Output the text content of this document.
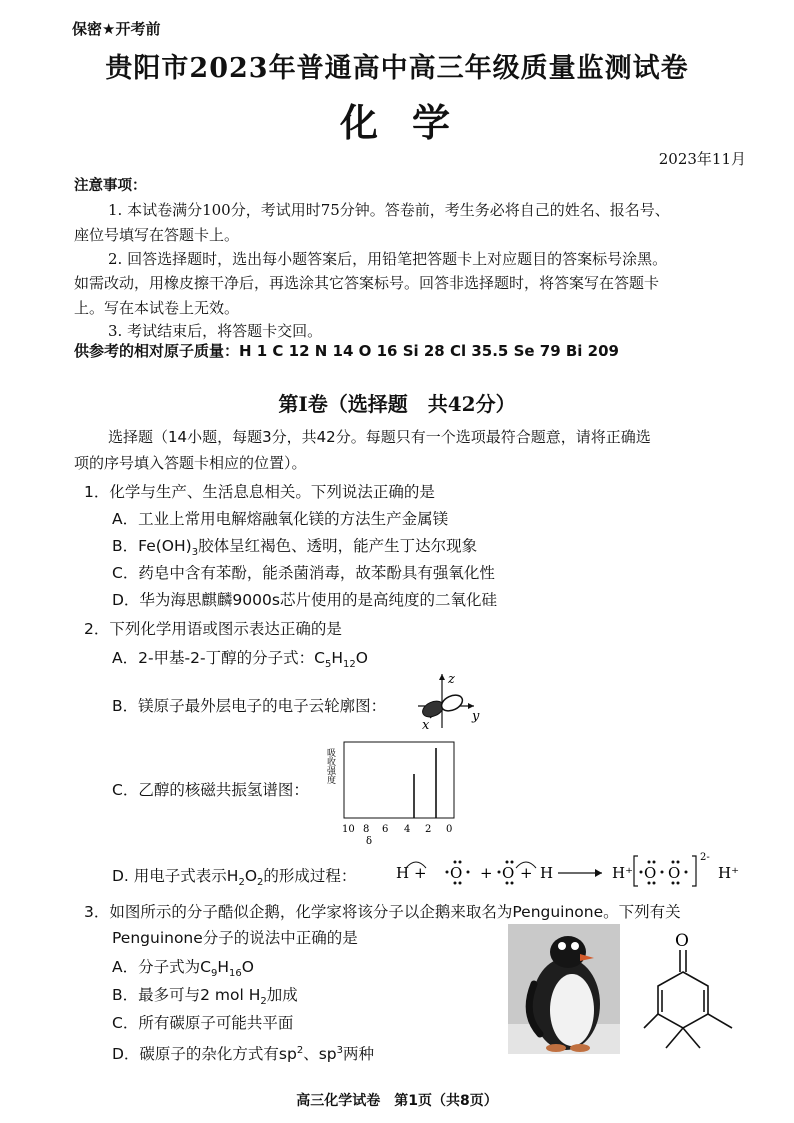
保密★开考前
贵阳市2023年普通高中高三年级质量监测试卷
化学
2023年11月
注意事项：
1. 本试卷满分100分，考试用时75分钟。答卷前，考生务必将自己的姓名、报名号、
座位号填写在答题卡上。
2. 回答选择题时，选出每小题答案后，用铅笔把答题卡上对应题目的答案标号涂黑。
如需改动，用橡皮擦干净后，再选涂其它答案标号。回答非选择题时，将答案写在答题卡
上。写在本试卷上无效。
3. 考试结束后，将答题卡交回。
供参考的相对原子质量：H 1 C 12 N 14 O 16 Si 28 Cl 35.5 Se 79 Bi 209
第Ⅰ卷（选择题　共42分）
选择题（14小题，每题3分，共42分。每题只有一个选项最符合题意，请将正确选
项的序号填入答题卡相应的位置）。
1．化学与生产、生活息息相关。下列说法正确的是
A．工业上常用电解熔融氧化镁的方法生产金属镁
B．$Fe(OH)_3$胶体呈红褐色、透明，能产生丁达尔现象
C．药皂中含有苯酚，能杀菌消毒，故苯酚具有强氧化性
D．华为海思麒麟9000s芯片使用的是高纯度的二氧化硅
2．下列化学用语或图示表达正确的是
A．2-甲基-2-丁醇的分子式：$C_5H_{12}O$
B．镁原子最外层电子的电子云轮廓图：
z
y
x
C．乙醇的核磁共振氢谱图：
吸收强度
10 8 6 4 2 0
δ
D. 用电子式表示$H_2O_2$的形成过程：	H + O + O + H	H⁺ O O
2-
H⁺
3．如图所示的分子酷似企鹅，化学家将该分子以企鹅来取名为Penguinone。下列有关
Penguinone分子的说法中正确的是
A．分子式为$C_9H_{16}O$
B．最多可与2 mol $H_2$加成
C．所有碳原子可能共平面
D．碳原子的杂化方式有$sp^2$、$sp^3$两种
O
高三化学试卷　第1页（共8页）
